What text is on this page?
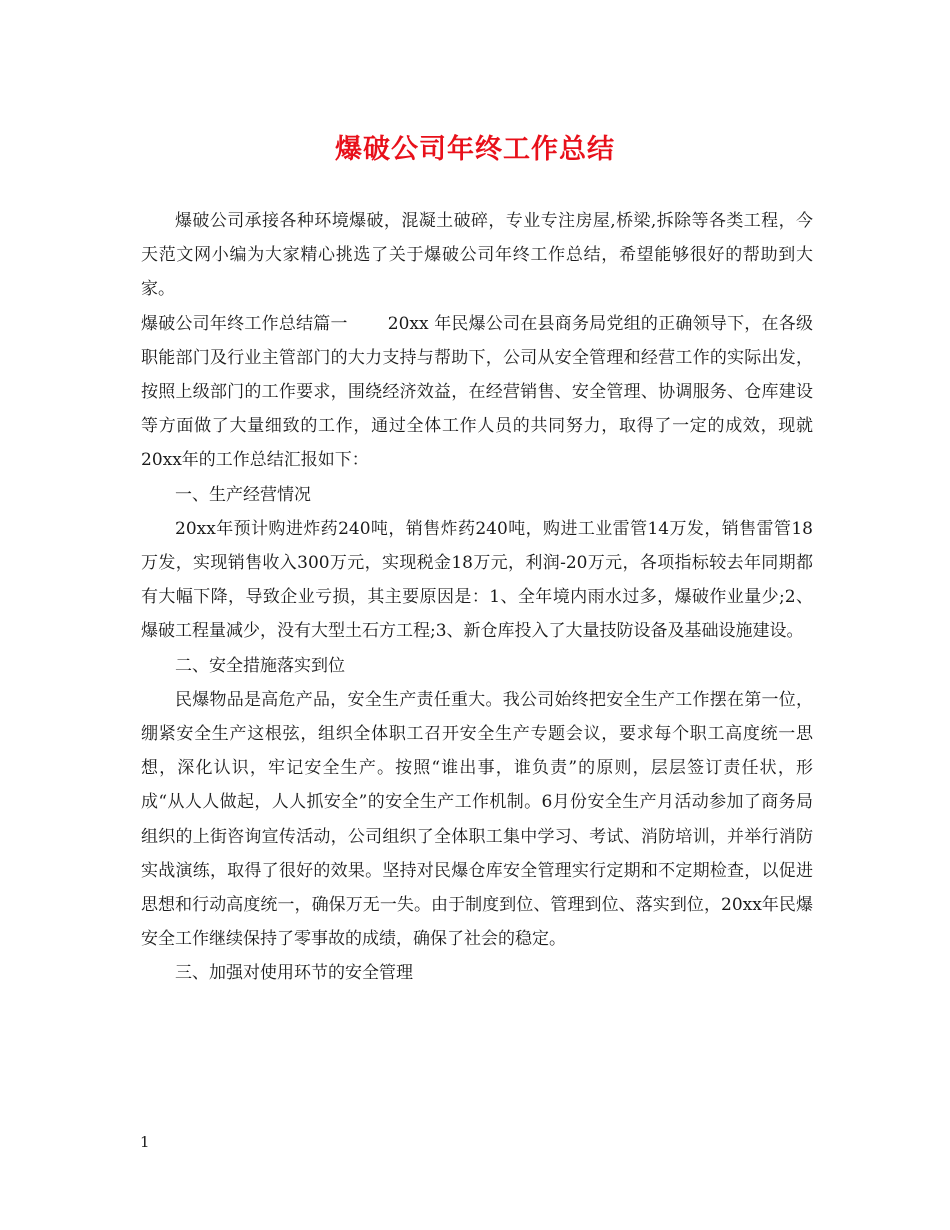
爆破公司年终工作总结

爆破公司承接各种环境爆破，混凝土破碎，专业专注房屋,桥梁,拆除等各类工程，今天范文网小编为大家精心挑选了关于爆破公司年终工作总结，希望能够很好的帮助到大家。

爆破公司年终工作总结篇一 20xx 年民爆公司在县商务局党组的正确领导下，在各级职能部门及行业主管部门的大力支持与帮助下，公司从安全管理和经营工作的实际出发，按照上级部门的工作要求，围绕经济效益，在经营销售、安全管理、协调服务、仓库建设等方面做了大量细致的工作，通过全体工作人员的共同努力，取得了一定的成效，现就20xx年的工作总结汇报如下：

一、生产经营情况

20xx年预计购进炸药240吨，销售炸药240吨，购进工业雷管14万发，销售雷管18万发，实现销售收入300万元，实现税金18万元，利润-20万元，各项指标较去年同期都有大幅下降，导致企业亏损，其主要原因是：1、全年境内雨水过多，爆破作业量少;2、爆破工程量减少，没有大型土石方工程;3、新仓库投入了大量技防设备及基础设施建设。

二、安全措施落实到位

民爆物品是高危产品，安全生产责任重大。我公司始终把安全生产工作摆在第一位，绷紧安全生产这根弦，组织全体职工召开安全生产专题会议，要求每个职工高度统一思想，深化认识，牢记安全生产。按照“谁出事，谁负责”的原则，层层签订责任状，形成“从人人做起，人人抓安全”的安全生产工作机制。6月份安全生产月活动参加了商务局组织的上街咨询宣传活动，公司组织了全体职工集中学习、考试、消防培训，并举行消防实战演练，取得了很好的效果。坚持对民爆仓库安全管理实行定期和不定期检查，以促进思想和行动高度统一，确保万无一失。由于制度到位、管理到位、落实到位，20xx年民爆安全工作继续保持了零事故的成绩，确保了社会的稳定。

三、加强对使用环节的安全管理

1
